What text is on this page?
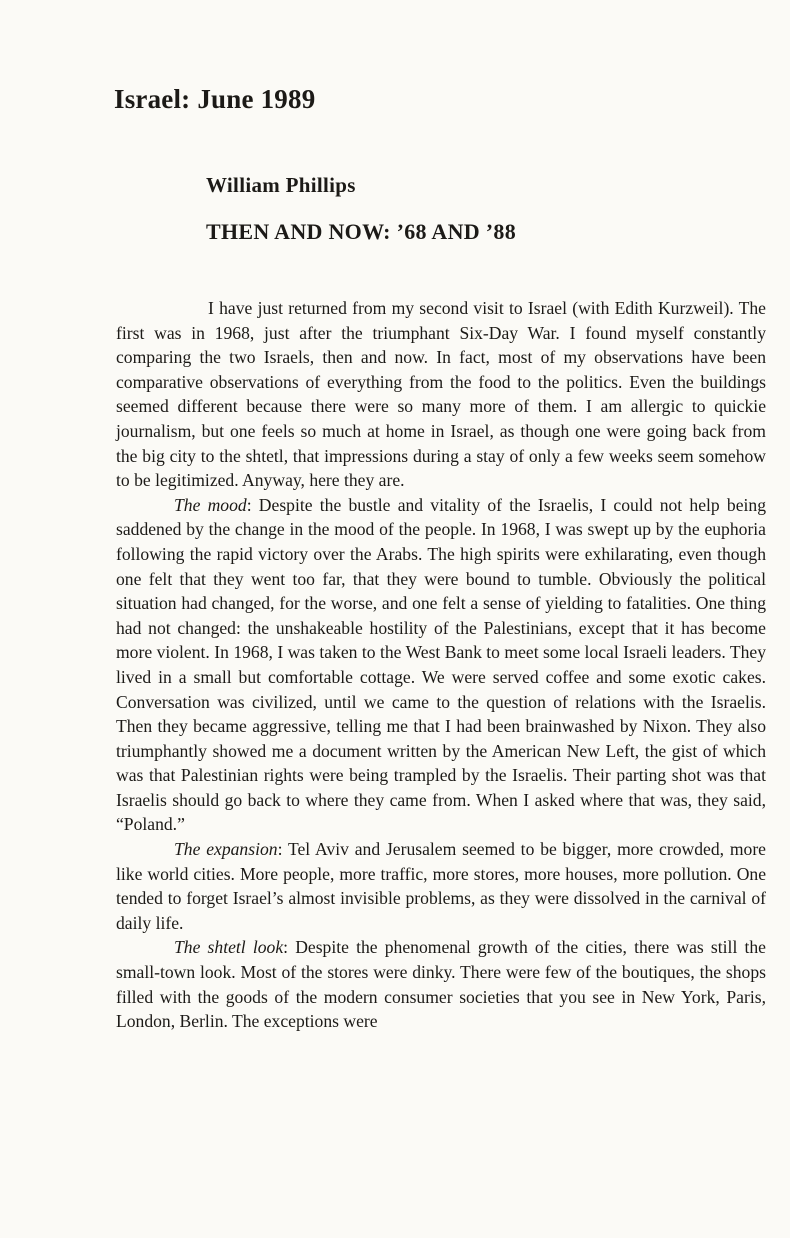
Israel: June 1989
William Phillips
THEN AND NOW: ’68 AND ’88

I have just returned from my second visit to Israel (with Edith Kurzweil). The first was in 1968, just after the triumphant Six-Day War. I found myself constantly comparing the two Israels, then and now. In fact, most of my observations have been comparative observations of everything from the food to the politics. Even the buildings seemed different because there were so many more of them. I am allergic to quickie journalism, but one feels so much at home in Israel, as though one were going back from the big city to the shtetl, that impressions during a stay of only a few weeks seem somehow to be legitimized. Anyway, here they are.

The mood: Despite the bustle and vitality of the Israelis, I could not help being saddened by the change in the mood of the people. In 1968, I was swept up by the euphoria following the rapid victory over the Arabs. The high spirits were exhilarating, even though one felt that they went too far, that they were bound to tumble. Obviously the political situation had changed, for the worse, and one felt a sense of yielding to fatalities. One thing had not changed: the unshakeable hostility of the Palestinians, except that it has become more violent. In 1968, I was taken to the West Bank to meet some local Israeli leaders. They lived in a small but comfortable cottage. We were served coffee and some exotic cakes. Conversation was civilized, until we came to the question of relations with the Israelis. Then they became aggressive, telling me that I had been brainwashed by Nixon. They also triumphantly showed me a document written by the American New Left, the gist of which was that Palestinian rights were being trampled by the Israelis. Their parting shot was that Israelis should go back to where they came from. When I asked where that was, they said, “Poland.”

The expansion: Tel Aviv and Jerusalem seemed to be bigger, more crowded, more like world cities. More people, more traffic, more stores, more houses, more pollution. One tended to forget Israel’s almost invisible problems, as they were dissolved in the carnival of daily life.

The shtetl look: Despite the phenomenal growth of the cities, there was still the small-town look. Most of the stores were dinky. There were few of the boutiques, the shops filled with the goods of the modern consumer societies that you see in New York, Paris, London, Berlin. The exceptions were
